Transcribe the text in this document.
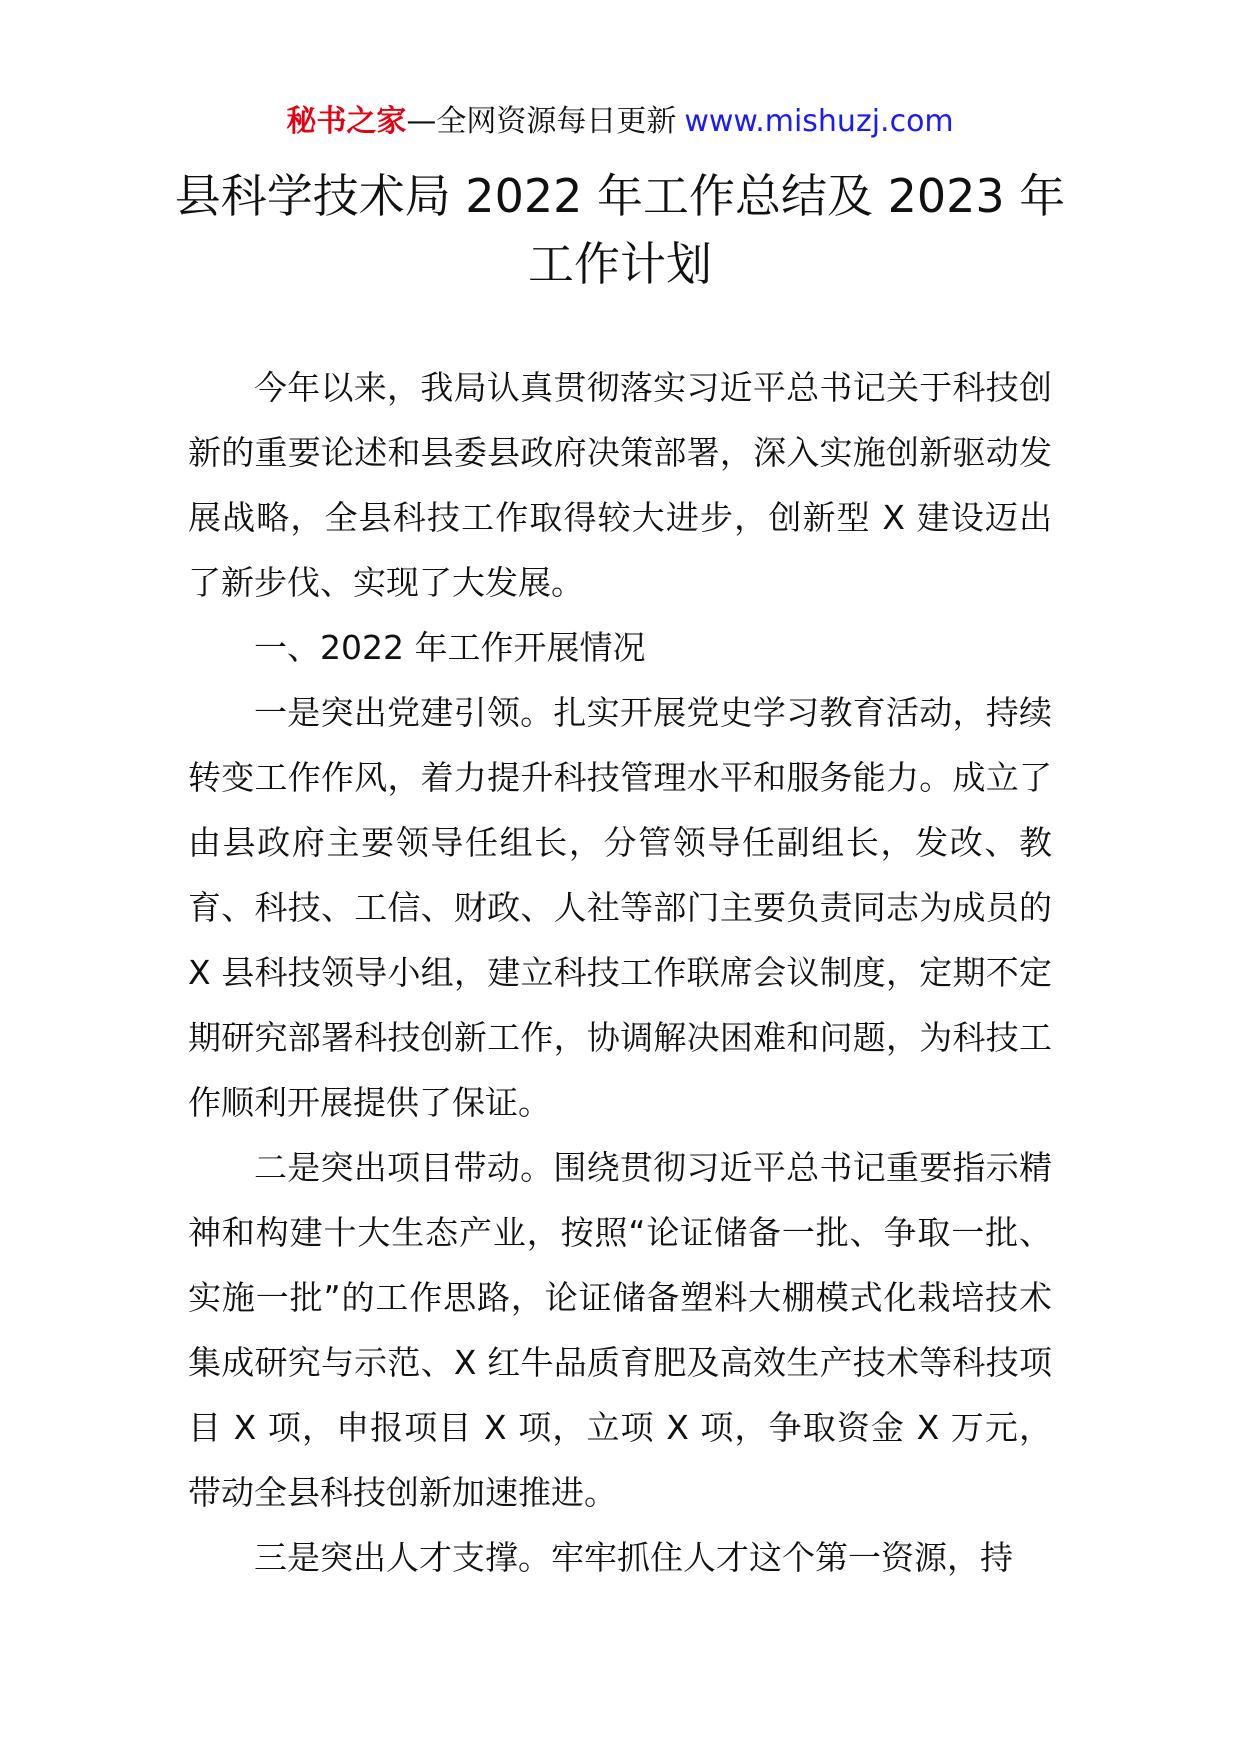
秘书之家—全网资源每日更新 www.mishuzj.com
县科学技术局 2022 年工作总结及 2023 年
工作计划

今年以来，我局认真贯彻落实习近平总书记关于科技创新的重要论述和县委县政府决策部署，深入实施创新驱动发展战略，全县科技工作取得较大进步，创新型 X 建设迈出了新步伐、实现了大发展。

一、2022 年工作开展情况

一是突出党建引领。扎实开展党史学习教育活动，持续转变工作作风，着力提升科技管理水平和服务能力。成立了由县政府主要领导任组长，分管领导任副组长，发改、教育、科技、工信、财政、人社等部门主要负责同志为成员的 X 县科技领导小组，建立科技工作联席会议制度，定期不定期研究部署科技创新工作，协调解决困难和问题，为科技工作顺利开展提供了保证。

二是突出项目带动。围绕贯彻习近平总书记重要指示精神和构建十大生态产业，按照“论证储备一批、争取一批、实施一批”的工作思路，论证储备塑料大棚模式化栽培技术集成研究与示范、X 红牛品质育肥及高效生产技术等科技项目 X 项，申报项目 X 项，立项 X 项，争取资金 X 万元，带动全县科技创新加速推进。

三是突出人才支撑。牢牢抓住人才这个第一资源，持
